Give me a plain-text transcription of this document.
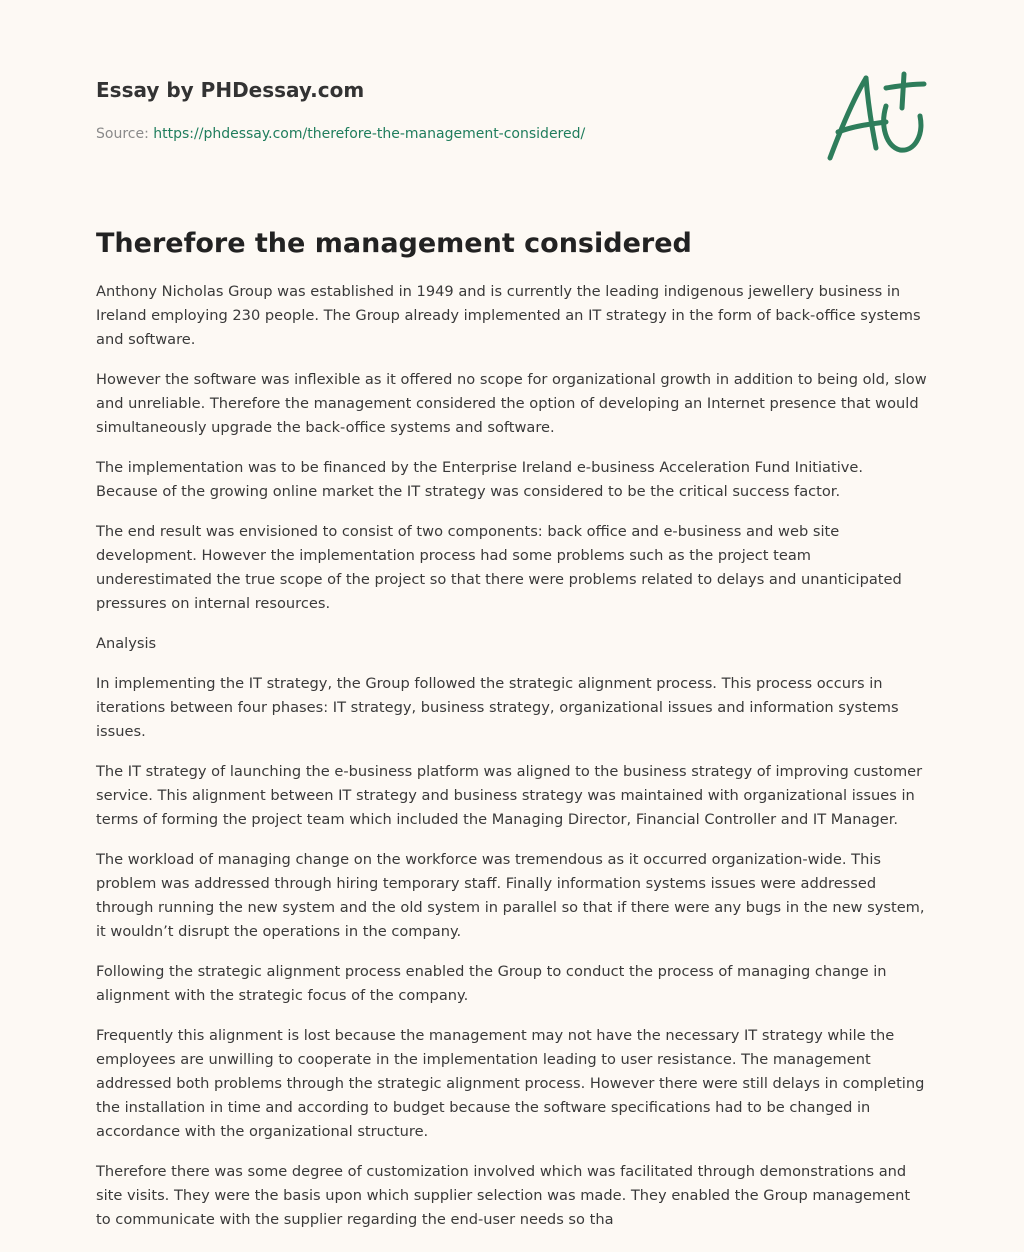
Essay by PHDessay.com
Source: https://phdessay.com/therefore-the-management-considered/
Therefore the management considered

Anthony Nicholas Group was established in 1949 and is currently the leading indigenous jewellery business in Ireland employing 230 people. The Group already implemented an IT strategy in the form of back-office systems and software.

However the software was inflexible as it offered no scope for organizational growth in addition to being old, slow and unreliable. Therefore the management considered the option of developing an Internet presence that would simultaneously upgrade the back-office systems and software.

The implementation was to be financed by the Enterprise Ireland e-business Acceleration Fund Initiative. Because of the growing online market the IT strategy was considered to be the critical success factor.

The end result was envisioned to consist of two components: back office and e-business and web site development. However the implementation process had some problems such as the project team underestimated the true scope of the project so that there were problems related to delays and unanticipated pressures on internal resources.

Analysis

In implementing the IT strategy, the Group followed the strategic alignment process. This process occurs in iterations between four phases: IT strategy, business strategy, organizational issues and information systems issues.

The IT strategy of launching the e-business platform was aligned to the business strategy of improving customer service. This alignment between IT strategy and business strategy was maintained with organizational issues in terms of forming the project team which included the Managing Director, Financial Controller and IT Manager.

The workload of managing change on the workforce was tremendous as it occurred organization-wide. This problem was addressed through hiring temporary staff. Finally information systems issues were addressed through running the new system and the old system in parallel so that if there were any bugs in the new system, it wouldn’t disrupt the operations in the company.

Following the strategic alignment process enabled the Group to conduct the process of managing change in alignment with the strategic focus of the company.

Frequently this alignment is lost because the management may not have the necessary IT strategy while the employees are unwilling to cooperate in the implementation leading to user resistance. The management addressed both problems through the strategic alignment process. However there were still delays in completing the installation in time and according to budget because the software specifications had to be changed in accordance with the organizational structure.

Therefore there was some degree of customization involved which was facilitated through demonstrations and site visits. They were the basis upon which supplier selection was made. They enabled the Group management to communicate with the supplier regarding the end-user needs so tha
